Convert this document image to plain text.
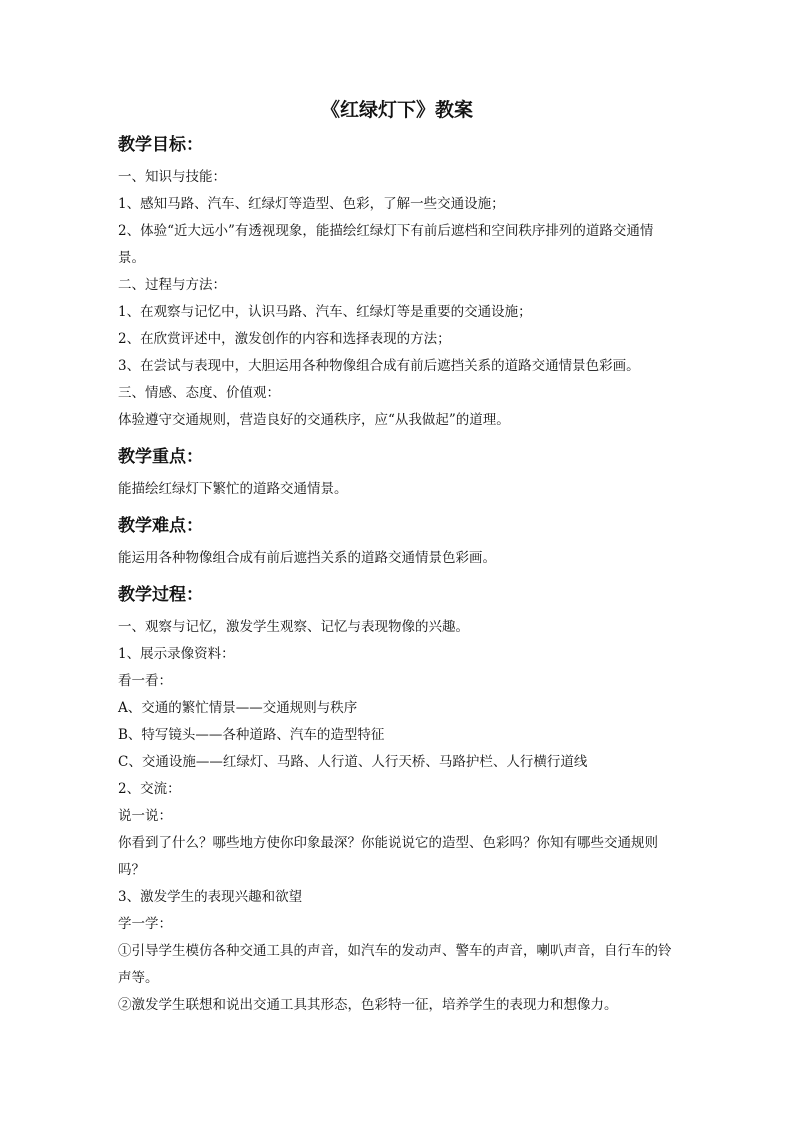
《红绿灯下》教案
教学目标：

一、知识与技能：

1、感知马路、汽车、红绿灯等造型、色彩，了解一些交通设施；

2、体验“近大远小”有透视现象，能描绘红绿灯下有前后遮档和空间秩序排列的道路交通情景。

二、过程与方法：

1、在观察与记忆中，认识马路、汽车、红绿灯等是重要的交通设施；

2、在欣赏评述中，激发创作的内容和选择表现的方法；

3、在尝试与表现中，大胆运用各种物像组合成有前后遮挡关系的道路交通情景色彩画。

三、情感、态度、价值观：

体验遵守交通规则，营造良好的交通秩序，应“从我做起”的道理。

教学重点：

能描绘红绿灯下繁忙的道路交通情景。

教学难点：

能运用各种物像组合成有前后遮挡关系的道路交通情景色彩画。

教学过程：

一、观察与记忆，激发学生观察、记忆与表现物像的兴趣。

1、展示录像资料：

看一看：

A、交通的繁忙情景——交通规则与秩序

B、特写镜头——各种道路、汽车的造型特征

C、交通设施——红绿灯、马路、人行道、人行天桥、马路护栏、人行横行道线

2、交流：

说一说：

你看到了什么？哪些地方使你印象最深？你能说说它的造型、色彩吗？你知有哪些交通规则吗？

3、激发学生的表现兴趣和欲望

学一学：

①引导学生模仿各种交通工具的声音，如汽车的发动声、警车的声音，喇叭声音，自行车的铃声等。

②激发学生联想和说出交通工具其形态，色彩特一征，培养学生的表现力和想像力。
